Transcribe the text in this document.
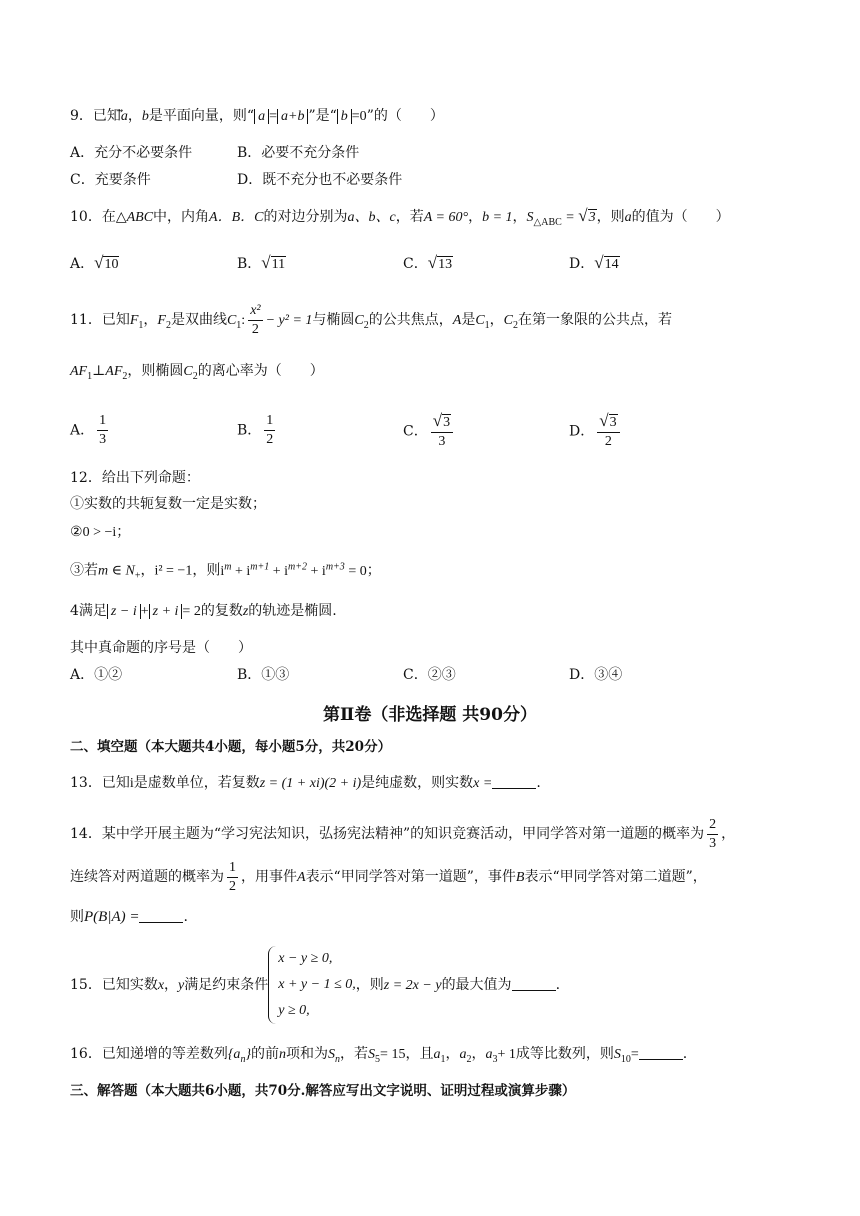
9．已知a，b是平面向量，则“ a = a+b ”是“ b =0”的（　　）
A．充分不必要条件	B．必要不充分条件
C．充要条件	D．既不充分也不必要条件
10．在△ABC中，内角A．B．C的对边分别为a、b、c，若A = 60°，b = 1，$S_{\triangle ABC} = √3$，则a的值为（　　）
A．√10	B．√11	C．√13	D．√14
11．已知$F_1$，$F_2$是双曲线$C_1$: $\frac{\text{x²}}{2} - y^2 = 1$与椭圆$C_2$的公共焦点，A是$C_1$，$C_2$在第一象限的公共点，若
$AF_1\perp AF_2$，则椭圆$C_2$的离心率为（　　）
A． $\frac{1}{3}$	B． $\frac{1}{2}$	C． $\frac{√3}{3}$	D． $\frac{√3}{2}$
12．给出下列命题：
①实数的共轭复数一定是实数；
②0 > −i；
③若m ∈ $N_+$，i² = −1，则$i^m + i^{m+1} + i^{m+2} + i^{m+3} = 0$；
4满足 z − i + z + i = 2的复数z的轨迹是椭圆.
其中真命题的序号是（　　）
A．①②	B．①③	C．②③	D．③④
第Ⅱ卷（非选择题 共90分）
二、填空题（本大题共4小题，每小题5分，共20分）
13．已知i是虚数单位，若复数z = (1 + xi)(2 + i)是纯虚数，则实数x =	.
14．某中学开展主题为“学习宪法知识，弘扬宪法精神”的知识竞赛活动，甲同学答对第一道题的概率为 $\frac{2}{3}$ ，
连续答对两道题的概率为 $\frac{1}{2}$ ，用事件A表示“甲同学答对第一道题”，事件B表示“甲同学答对第二道题”，
则P(B|A) =	.
15．已知实数x，y满足约束条件
x − y ≥ 0,
x + y − 1 ≤ 0,
y ≥ 0,
，则z = 2x − y的最大值为	.
16．已知递增的等差数列$\{a_n\}$的前n项和为$S_n$，若$S_5= 15$，且$a_1$，$a_2$，$a_3+ 1$成等比数列，则$S_{10}=$	.
三、解答题（本大题共6小题，共70分.解答应写出文字说明、证明过程或演算步骤）
